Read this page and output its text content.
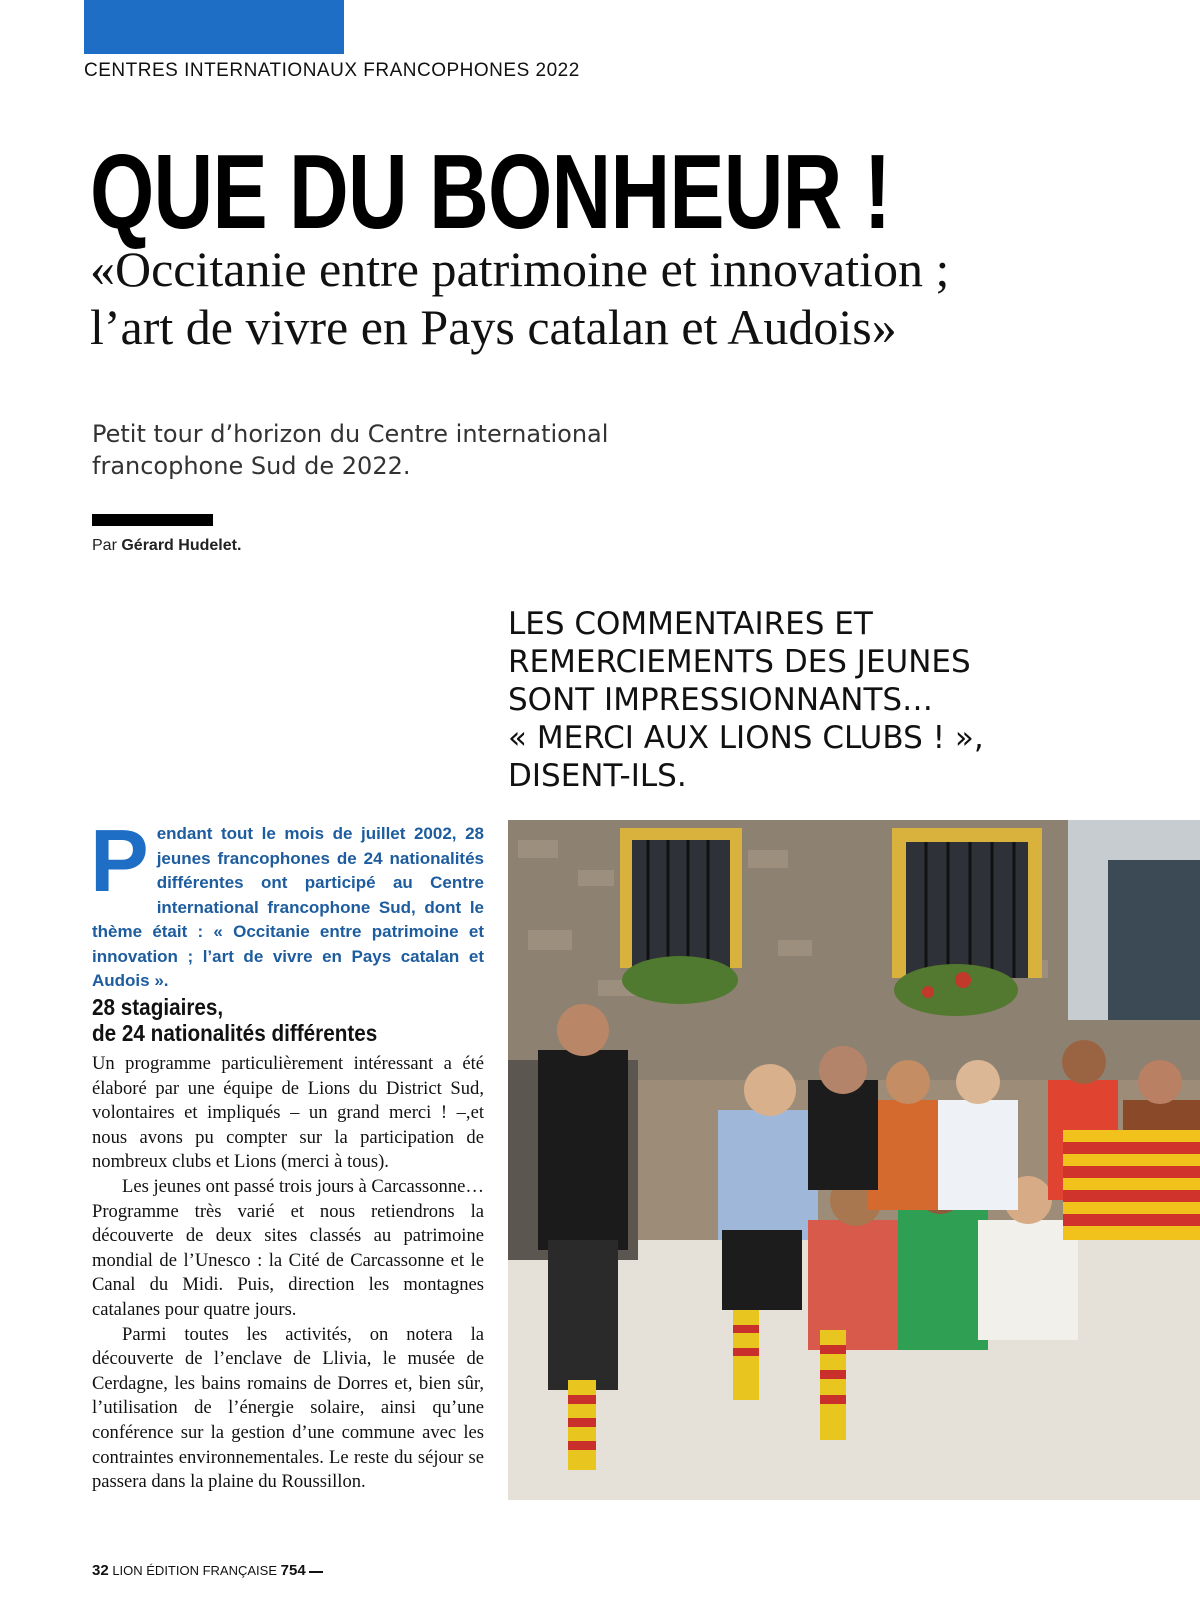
CENTRES INTERNATIONAUX FRANCOPHONES 2022
QUE DU BONHEUR !
«Occitanie entre patrimoine et innovation ;
l’art de vivre en Pays catalan et Audois»
Petit tour d’horizon du Centre international francophone Sud de 2022.
Par Gérard Hudelet.
LES COMMENTAIRES ET
REMERCIEMENTS DES JEUNES
SONT IMPRESSIONNANTS…
« MERCI AUX LIONS CLUBS ! »,
DISENT-ILS.

Pendant tout le mois de juillet 2002, 28 jeunes francophones de 24 nationalités différentes ont participé au Centre international francophone Sud, dont le thème était : « Occitanie entre patrimoine et innovation ; l’art de vivre en Pays catalan et Audois ».

28 stagiaires,
de 24 nationalités différentes

Un programme particulièrement intéressant a été élaboré par une équipe de Lions du District Sud, volontaires et impliqués – un grand merci ! –,et nous avons pu compter sur la participation de nombreux clubs et Lions (merci à tous).

Les jeunes ont passé trois jours à Carcassonne… Programme très varié et nous retiendrons la découverte de deux sites classés au patrimoine mondial de l’Unesco : la Cité de Carcassonne et le Canal du Midi. Puis, direction les montagnes catalanes pour quatre jours.

Parmi toutes les activités, on notera la découverte de l’enclave de Llivia, le musée de Cerdagne, les bains romains de Dorres et, bien sûr, l’utilisation de l’énergie solaire, ainsi qu’une conférence sur la gestion d’une commune avec les contraintes environnementales. Le reste du séjour se passera dans la plaine du Roussillon.

32 LION ÉDITION FRANÇAISE 754
